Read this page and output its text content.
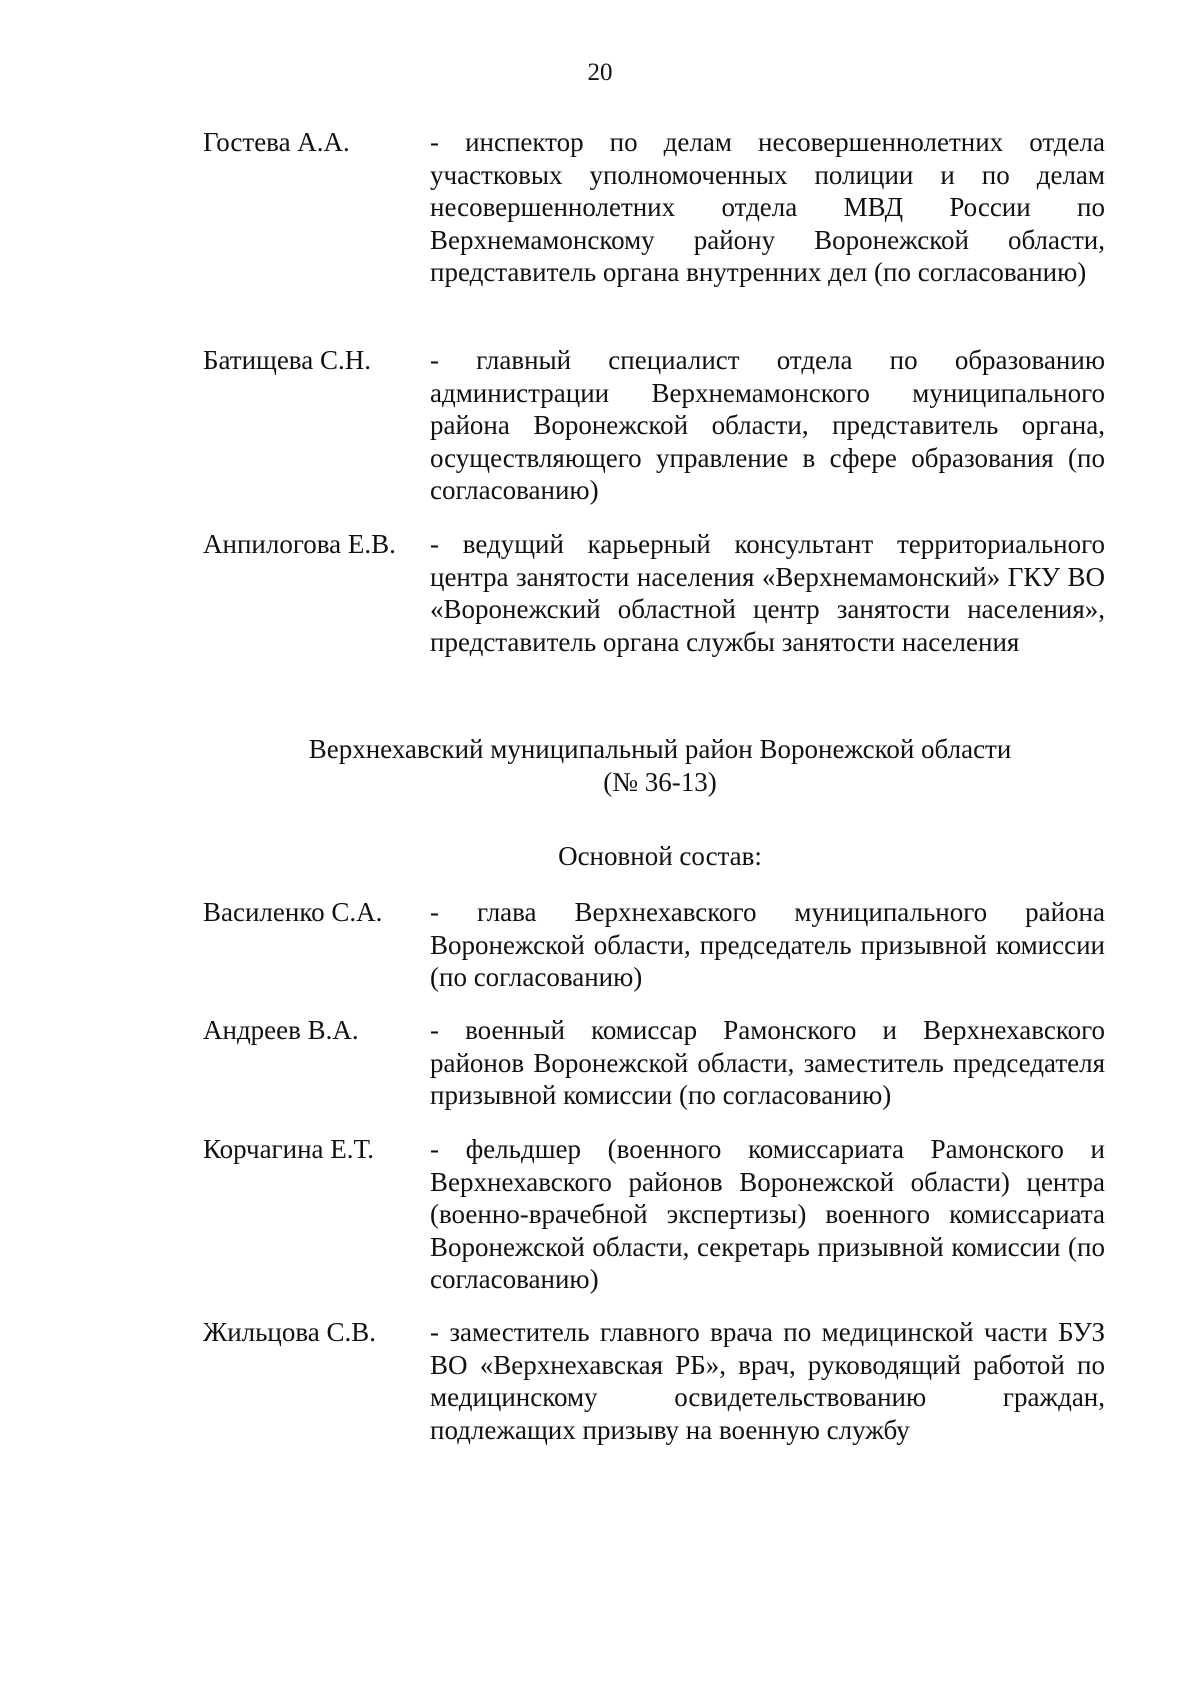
20
Гостева А.А.	- инспектор по делам несовершеннолетних отдела участковых уполномоченных полиции и по делам несовершеннолетних отдела МВД России по Верхнемамонскому району Воронежской области, представитель органа внутренних дел (по согласованию)
Батищева С.Н.	- главный специалист отдела по образованию администрации Верхнемамонского муниципального района Воронежской области, представитель органа, осуществляющего управление в сфере образования (по согласованию)
Анпилогова Е.В.	- ведущий карьерный консультант территориального центра занятости населения «Верхнемамонский» ГКУ ВО «Воронежский областной центр занятости населения», представитель органа службы занятости населения
Верхнехавский муниципальный район Воронежской области
(№ 36-13)
Основной состав:
Василенко С.А.	- глава Верхнехавского муниципального района Воронежской области, председатель призывной комиссии (по согласованию)
Андреев В.А.	- военный комиссар Рамонского и Верхнехавского районов Воронежской области, заместитель председателя призывной комиссии (по согласованию)
Корчагина Е.Т.	- фельдшер (военного комиссариата Рамонского и Верхнехавского районов Воронежской области) центра (военно-врачебной экспертизы) военного комиссариата Воронежской области, секретарь призывной комиссии (по согласованию)
Жильцова С.В.	- заместитель главного врача по медицинской части БУЗ ВО «Верхнехавская РБ», врач, руководящий работой по медицинскому освидетельствованию граждан, подлежащих призыву на военную службу
